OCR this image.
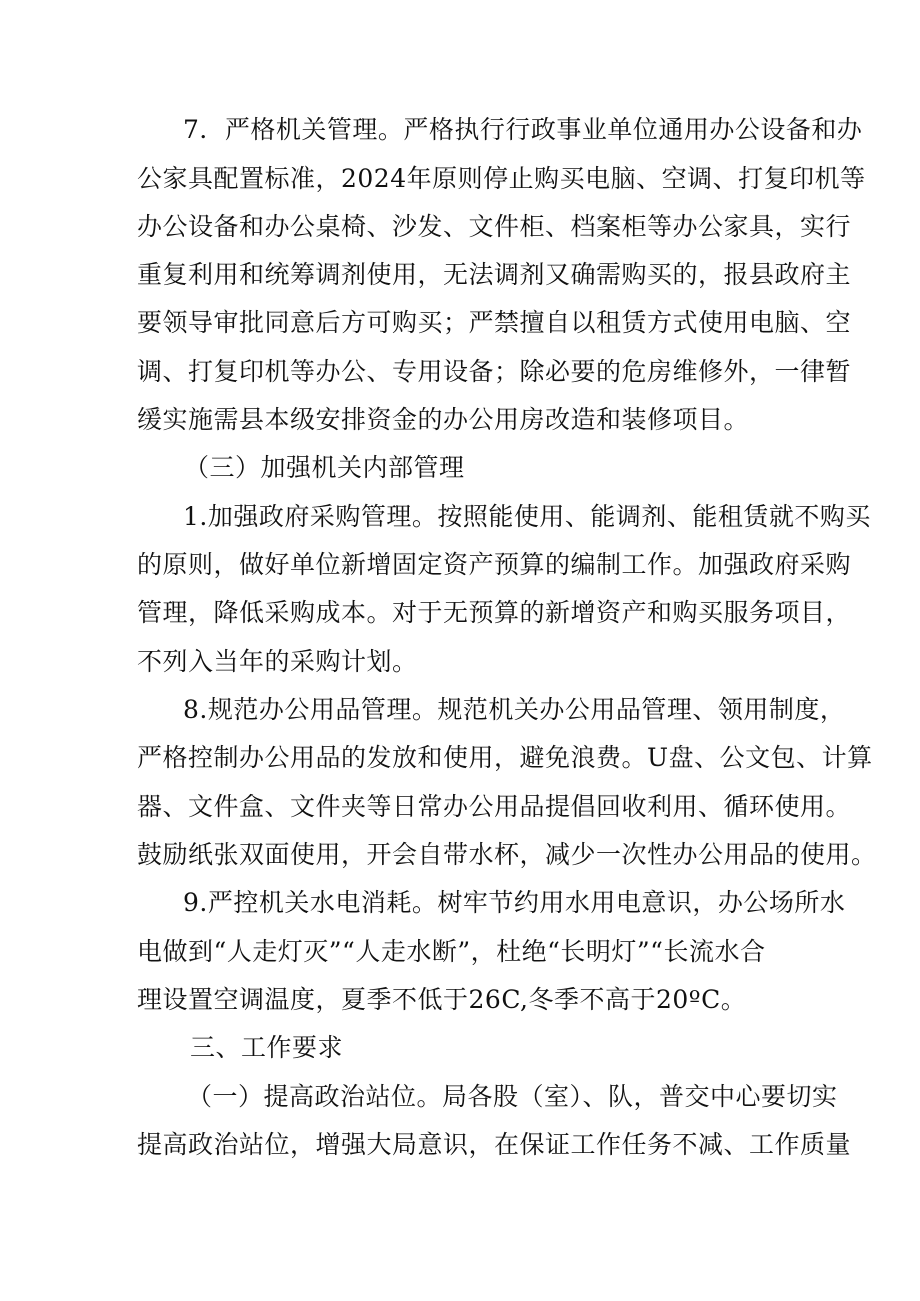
7．严格机关管理。严格执行行政事业单位通用办公设备和办
公家具配置标准，2024年原则停止购买电脑、空调、打复印机等
办公设备和办公桌椅、沙发、文件柜、档案柜等办公家具，实行
重复利用和统筹调剂使用，无法调剂又确需购买的，报县政府主
要领导审批同意后方可购买；严禁擅自以租赁方式使用电脑、空
调、打复印机等办公、专用设备；除必要的危房维修外，一律暂
缓实施需县本级安排资金的办公用房改造和装修项目。
（三）加强机关内部管理
1.加强政府采购管理。按照能使用、能调剂、能租赁就不购买
的原则，做好单位新增固定资产预算的编制工作。加强政府采购
管理，降低采购成本。对于无预算的新增资产和购买服务项目，
不列入当年的采购计划。
8.规范办公用品管理。规范机关办公用品管理、领用制度，
严格控制办公用品的发放和使用，避免浪费。U盘、公文包、计算
器、文件盒、文件夹等日常办公用品提倡回收利用、循环使用。
鼓励纸张双面使用，开会自带水杯，减少一次性办公用品的使用。
9.严控机关水电消耗。树牢节约用水用电意识，办公场所水
电做到“人走灯灭”“人走水断”，杜绝“长明灯”“长流水合
理设置空调温度，夏季不低于26C,冬季不高于20ºC。
三、工作要求
（一）提高政治站位。局各股（室）、队，普交中心要切实
提高政治站位，增强大局意识，在保证工作任务不减、工作质量
